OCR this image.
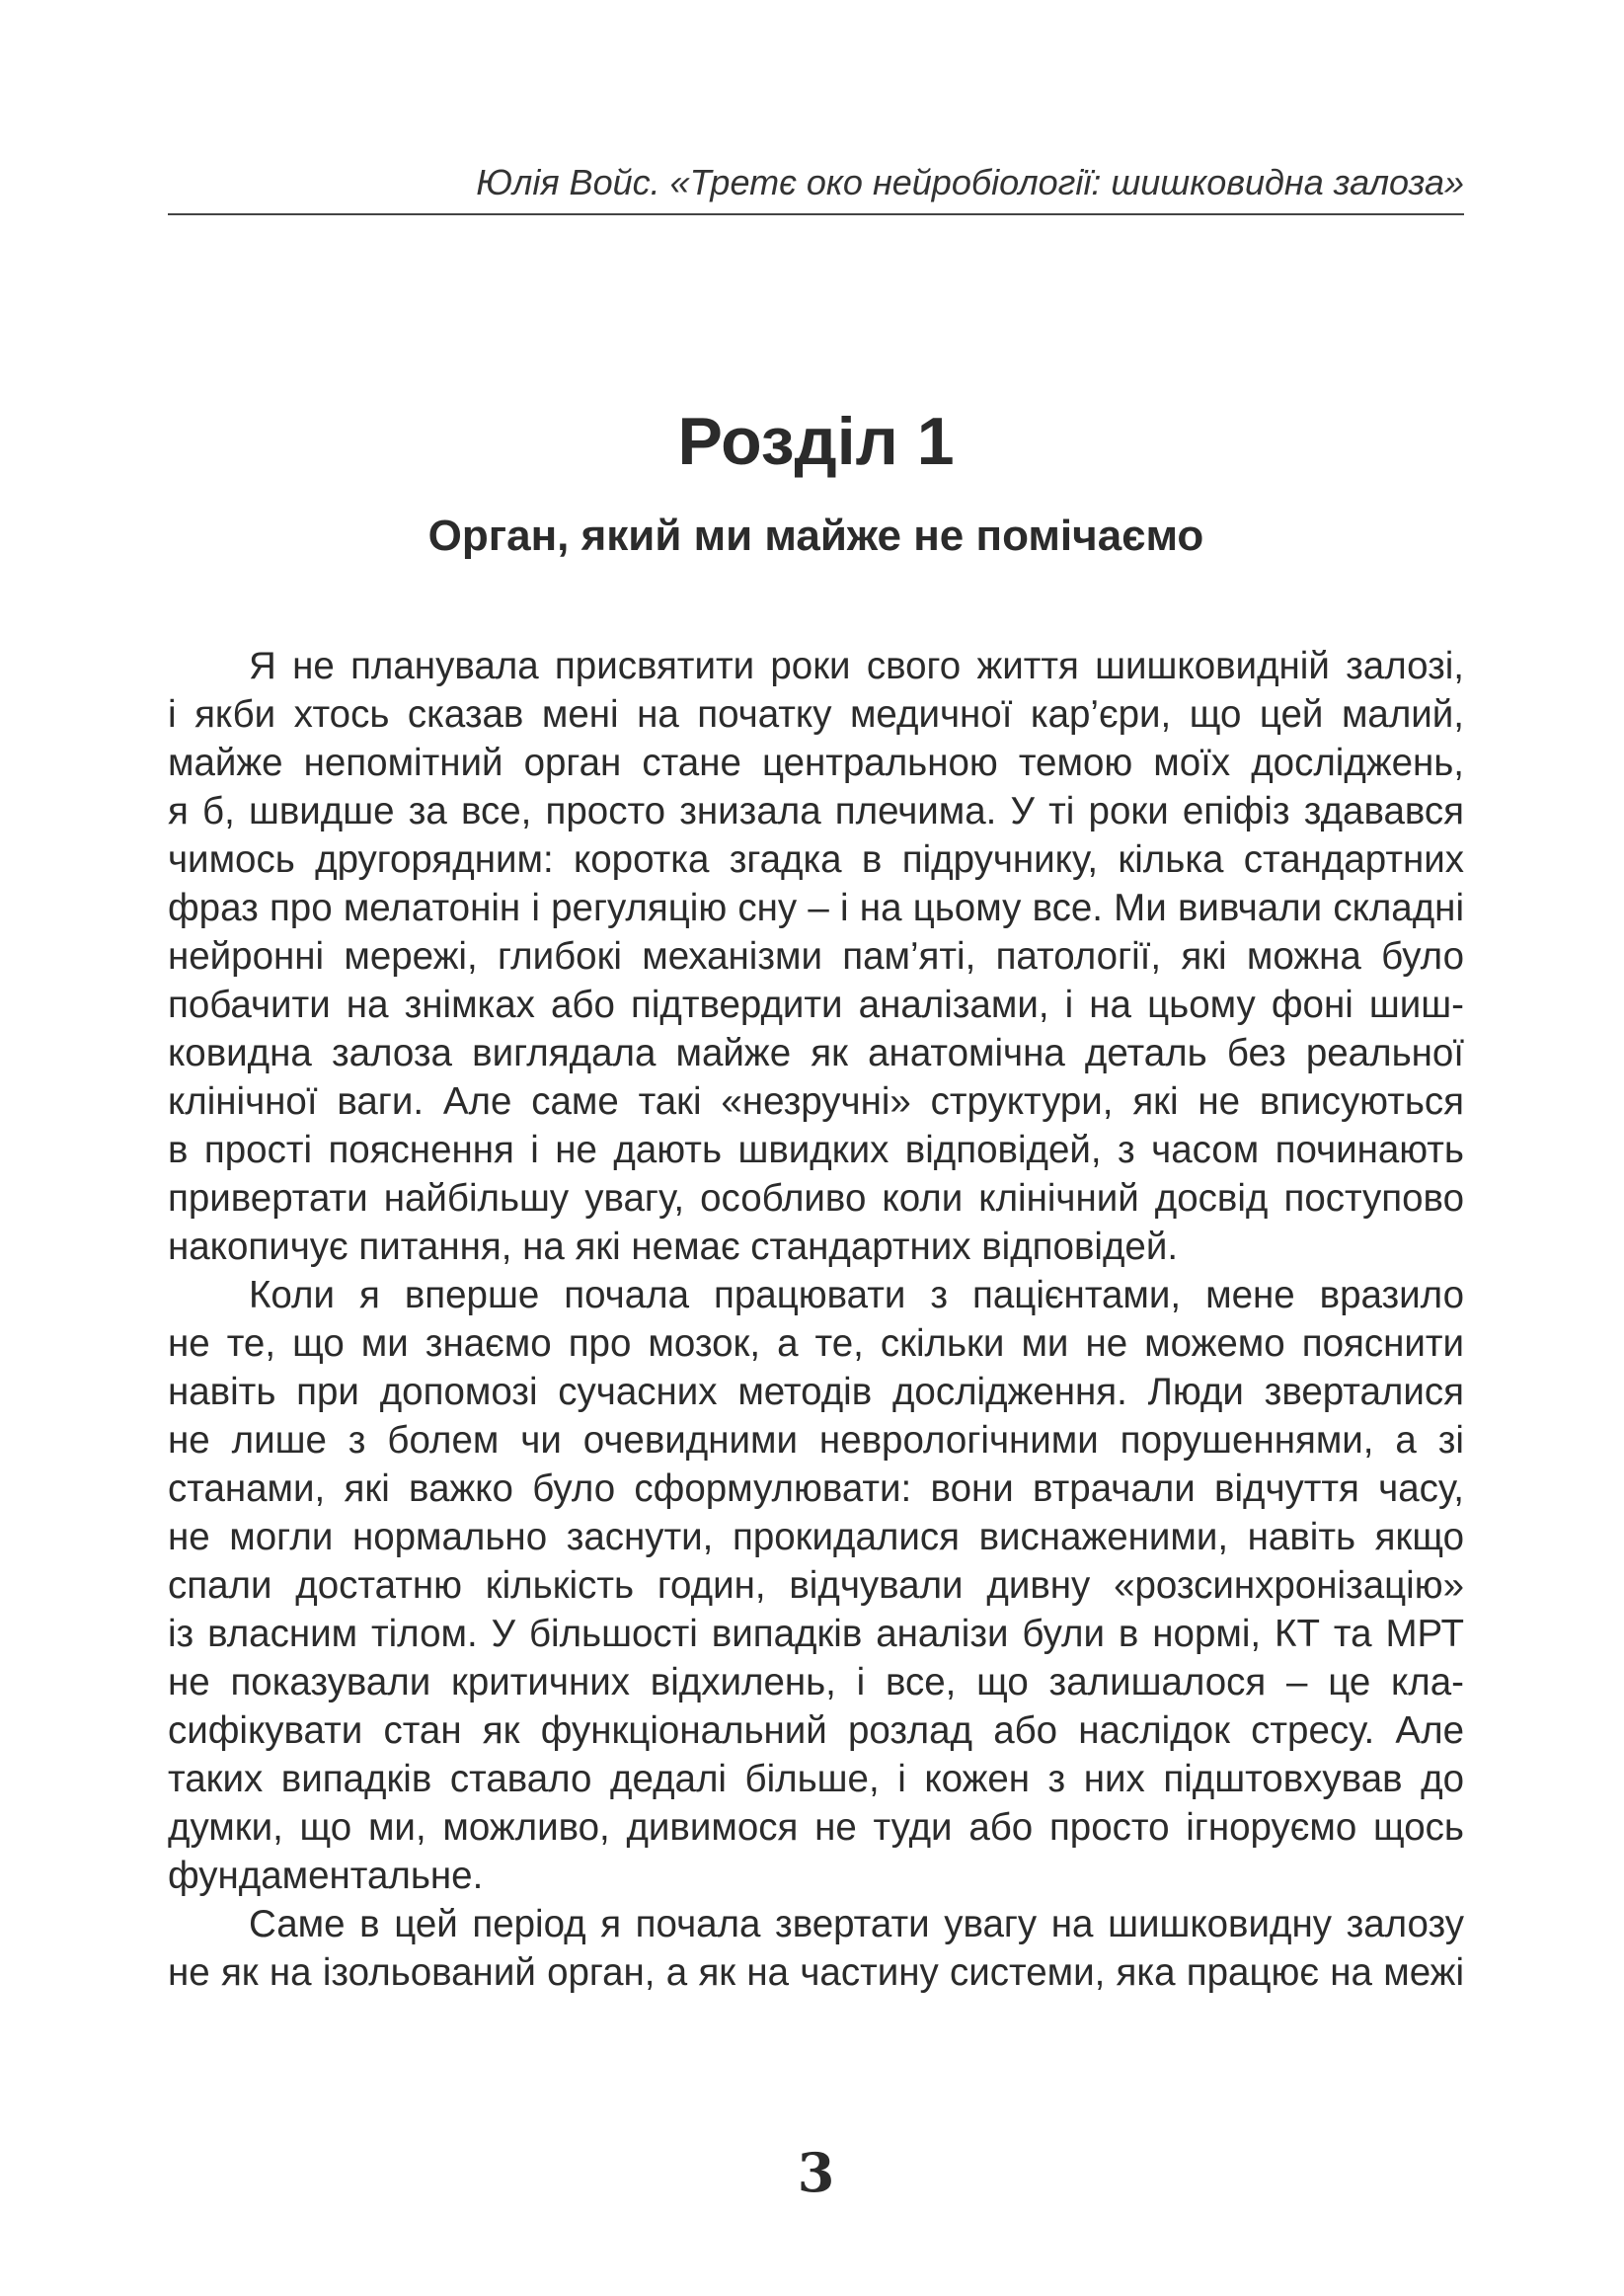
Юлія Войс. «Третє око нейробіології: шишковидна залоза»
Розділ 1
Орган, який ми майже не помічаємо

Я не планувала присвятити роки свого життя шишковидній залозі,
і якби хтось сказав мені на початку медичної кар’єри, що цей малий,
майже непомітний орган стане центральною темою моїх досліджень,
я б, швидше за все, просто знизала плечима. У ті роки епіфіз здавався
чимось другорядним: коротка згадка в підручнику, кілька стандартних
фраз про мелатонін і регуляцію сну – і на цьому все. Ми вивчали складні
нейронні мережі, глибокі механізми пам’яті, патології, які можна було
побачити на знімках або підтвердити аналізами, і на цьому фоні шиш-
ковидна залоза виглядала майже як анатомічна деталь без реальної
клінічної ваги. Але саме такі «незручні» структури, які не вписуються
в прості пояснення і не дають швидких відповідей, з часом починають
привертати найбільшу увагу, особливо коли клінічний досвід поступово
накопичує питання, на які немає стандартних відповідей.

Коли я вперше почала працювати з пацієнтами, мене вразило
не те, що ми знаємо про мозок, а те, скільки ми не можемо пояснити
навіть при допомозі сучасних методів дослідження. Люди зверталися
не лише з болем чи очевидними неврологічними порушеннями, а зі
станами, які важко було сформулювати: вони втрачали відчуття часу,
не могли нормально заснути, прокидалися виснаженими, навіть якщо
спали достатню кількість годин, відчували дивну «розсинхронізацію»
із власним тілом. У більшості випадків аналізи були в нормі, КТ та МРТ
не показували критичних відхилень, і все, що залишалося – це кла-
сифікувати стан як функціональний розлад або наслідок стресу. Але
таких випадків ставало дедалі більше, і кожен з них підштовхував до
думки, що ми, можливо, дивимося не туди або просто ігноруємо щось
фундаментальне.

Саме в цей період я почала звертати увагу на шишковидну залозу
не як на ізольований орган, а як на частину системи, яка працює на межі

3
